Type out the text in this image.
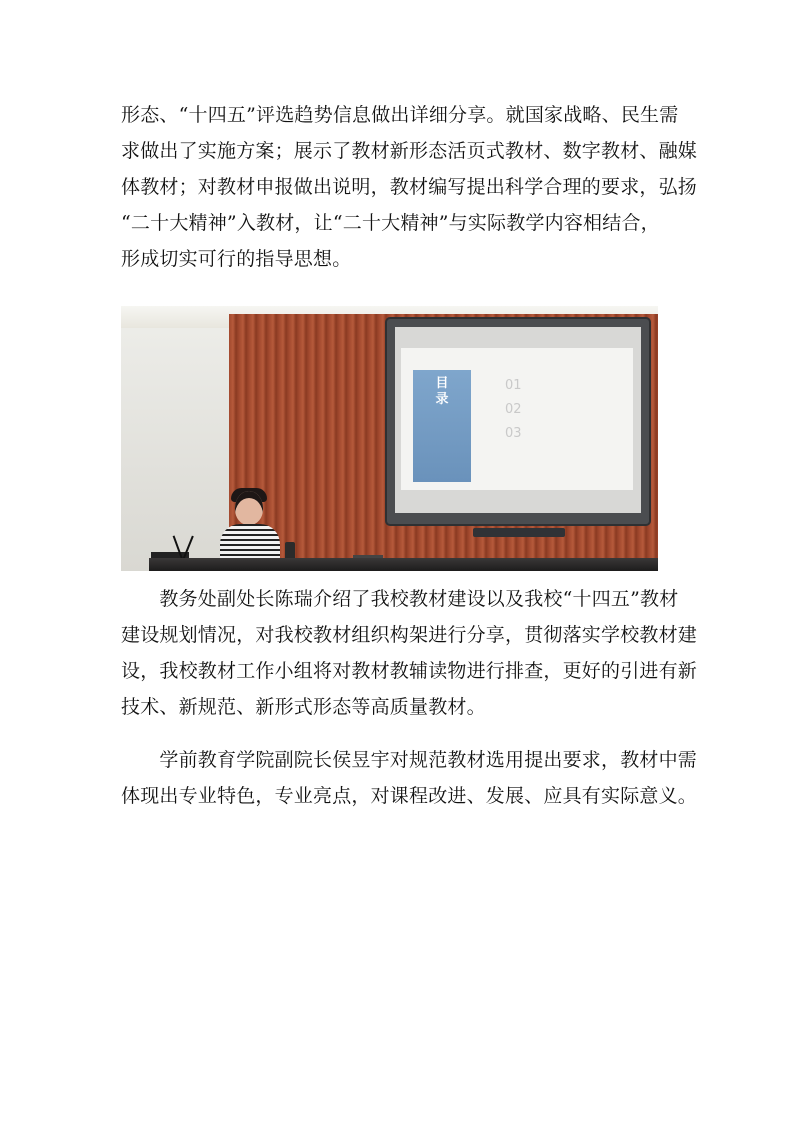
形态、“十四五”评选趋势信息做出详细分享。就国家战略、民生需
求做出了实施方案；展示了教材新形态活页式教材、数字教材、融媒
体教材；对教材申报做出说明，教材编写提出科学合理的要求，弘扬
“二十大精神”入教材，让“二十大精神”与实际教学内容相结合，
形成切实可行的指导思想。
目录
01
02
03
　　教务处副处长陈瑞介绍了我校教材建设以及我校“十四五”教材
建设规划情况，对我校教材组织构架进行分享，贯彻落实学校教材建
设，我校教材工作小组将对教材教辅读物进行排查，更好的引进有新
技术、新规范、新形式形态等高质量教材。
　　学前教育学院副院长侯昱宇对规范教材选用提出要求，教材中需
体现出专业特色，专业亮点，对课程改进、发展、应具有实际意义。
